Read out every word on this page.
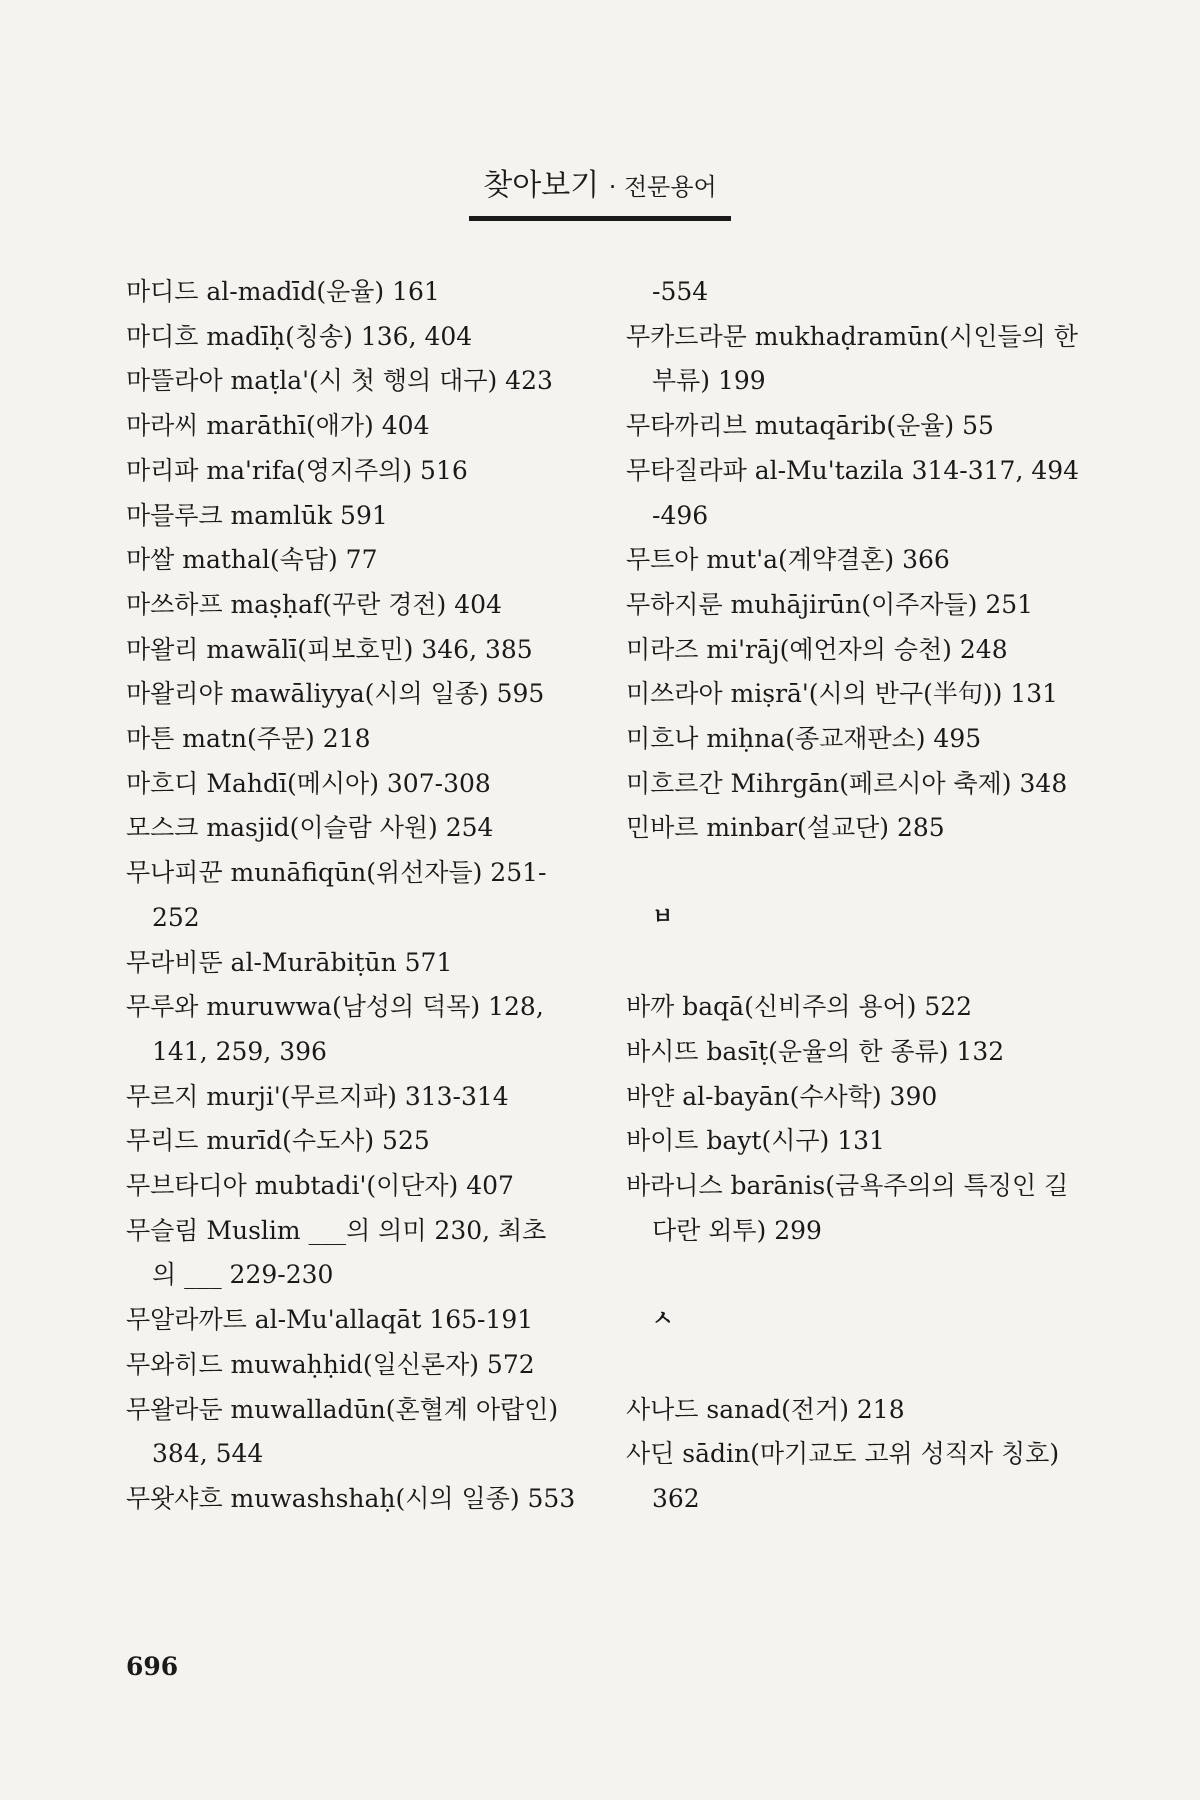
찾아보기 · 전문용어
마디드 al-madīd(운율) 161
마디흐 madīḥ(칭송) 136, 404
마뜰라아 maṭla'(시 첫 행의 대구) 423
마라씨 marāthī(애가) 404
마리파 ma'rifa(영지주의) 516
마믈루크 mamlūk 591
마쌀 mathal(속담) 77
마쓰하프 maṣḥaf(꾸란 경전) 404
마왈리 mawālī(피보호민) 346, 385
마왈리야 mawāliyya(시의 일종) 595
마튼 matn(주문) 218
마흐디 Mahdī(메시아) 307-308
모스크 masjid(이슬람 사원) 254
무나피꾼 munāfiqūn(위선자들) 251-
252
무라비뚠 al-Murābiṭūn 571
무루와 muruwwa(남성의 덕목) 128,
141, 259, 396
무르지 murji'(무르지파) 313-314
무리드 murīd(수도사) 525
무브타디아 mubtadi'(이단자) 407
무슬림 Muslim ___의 의미 230, 최초
의 ___ 229-230
무알라까트 al-Mu'allaqāt 165-191
무와히드 muwaḥḥid(일신론자) 572
무왈라둔 muwalladūn(혼혈계 아랍인)
384, 544
무왓샤흐 muwashshaḥ(시의 일종) 553
-554
무카드라문 mukhaḍramūn(시인들의 한
부류) 199
무타까리브 mutaqārib(운율) 55
무타질라파 al-Mu'tazila 314-317, 494
-496
무트아 mut'a(계약결혼) 366
무하지룬 muhājirūn(이주자들) 251
미라즈 mi'rāj(예언자의 승천) 248
미쓰라아 miṣrā'(시의 반구(半句)) 131
미흐나 miḥna(종교재판소) 495
미흐르간 Mihrgān(페르시아 축제) 348
민바르 minbar(설교단) 285
ㅂ
바까 baqā(신비주의 용어) 522
바시뜨 basīṭ(운율의 한 종류) 132
바얀 al-bayān(수사학) 390
바이트 bayt(시구) 131
바라니스 barānis(금욕주의의 특징인 길
다란 외투) 299
ㅅ
사나드 sanad(전거) 218
사딘 sādin(마기교도 고위 성직자 칭호)
362
696
